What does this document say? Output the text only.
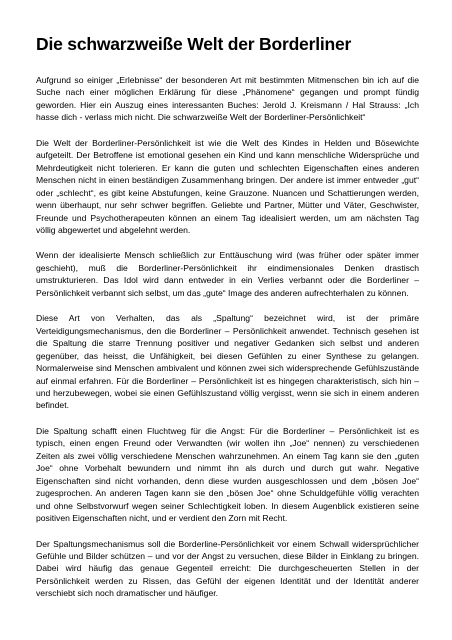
Die schwarzweiße Welt der Borderliner

Aufgrund so einiger „Erlebnisse“ der besonderen Art mit bestimmten Mitmenschen bin ich auf die Suche nach einer möglichen Erklärung für diese „Phänomene“ gegangen und prompt fündig geworden. Hier ein Auszug eines interessanten Buches: Jerold J. Kreismann / Hal Strauss: „Ich hasse dich - verlass mich nicht. Die schwarzweiße Welt der Borderliner-Persönlichkeit“

Die Welt der Borderliner-Persönlichkeit ist wie die Welt des Kindes in Helden und Bösewichte aufgeteilt. Der Betroffene ist emotional gesehen ein Kind und kann menschliche Widersprüche und Mehrdeutigkeit nicht tolerieren. Er kann die guten und schlechten Eigenschaften eines anderen Menschen nicht in einen beständigen Zusammenhang bringen. Der andere ist immer entweder „gut“ oder „schlecht“, es gibt keine Abstufungen, keine Grauzone. Nuancen und Schattierungen werden, wenn überhaupt, nur sehr schwer begriffen. Geliebte und Partner, Mütter und Väter, Geschwister, Freunde und Psychotherapeuten können an einem Tag idealisiert werden, um am nächsten Tag völlig abgewertet und abgelehnt werden.

Wenn der idealisierte Mensch schließlich zur Enttäuschung wird (was früher oder später immer geschieht), muß die Borderliner-Persönlichkeit ihr eindimensionales Denken drastisch umstrukturieren. Das Idol wird dann entweder in ein Verlies verbannt oder die Borderliner – Persönlichkeit verbannt sich selbst, um das „gute“ Image des anderen aufrechterhalen zu können.

Diese Art von Verhalten, das als „Spaltung“ bezeichnet wird, ist der primäre Verteidigungsmechanismus, den die Borderliner – Persönlichkeit anwendet. Technisch gesehen ist die Spaltung die starre Trennung positiver und negativer Gedanken sich selbst und anderen gegenüber, das heisst, die Unfähigkeit, bei diesen Gefühlen zu einer Synthese zu gelangen. Normalerweise sind Menschen ambivalent und können zwei sich widersprechende Gefühlszustände auf einmal erfahren. Für die Borderliner – Persönlichkeit ist es hingegen charakteristisch, sich hin – und herzubewegen, wobei sie einen Gefühlszustand völlig vergisst, wenn sie sich in einem anderen befindet.

Die Spaltung schafft einen Fluchtweg für die Angst: Für die Borderliner – Persönlichkeit ist es typisch, einen engen Freund oder Verwandten (wir wollen ihn „Joe“ nennen) zu verschiedenen Zeiten als zwei völlig verschiedene Menschen wahrzunehmen. An einem Tag kann sie den „guten Joe“ ohne Vorbehalt bewundern und nimmt ihn als durch und durch gut wahr. Negative Eigenschaften sind nicht vorhanden, denn diese wurden ausgeschlossen und dem „bösen Joe“ zugesprochen. An anderen Tagen kann sie den „bösen Joe“ ohne Schuldgefühle völlig verachten und ohne Selbstvorwurf wegen seiner Schlechtigkeit loben. In diesem Augenblick existieren seine positiven Eigenschaften nicht, und er verdient den Zorn mit Recht.

Der Spaltungsmechanismus soll die Borderline-Persönlichkeit vor einem Schwall widersprüchlicher Gefühle und Bilder schützen – und vor der Angst zu versuchen, diese Bilder in Einklang zu bringen. Dabei wird häufig das genaue Gegenteil erreicht: Die durchgescheuerten Stellen in der Persönlichkeit werden zu Rissen, das Gefühl der eigenen Identität und der Identität anderer verschiebt sich noch dramatischer und häufiger.
